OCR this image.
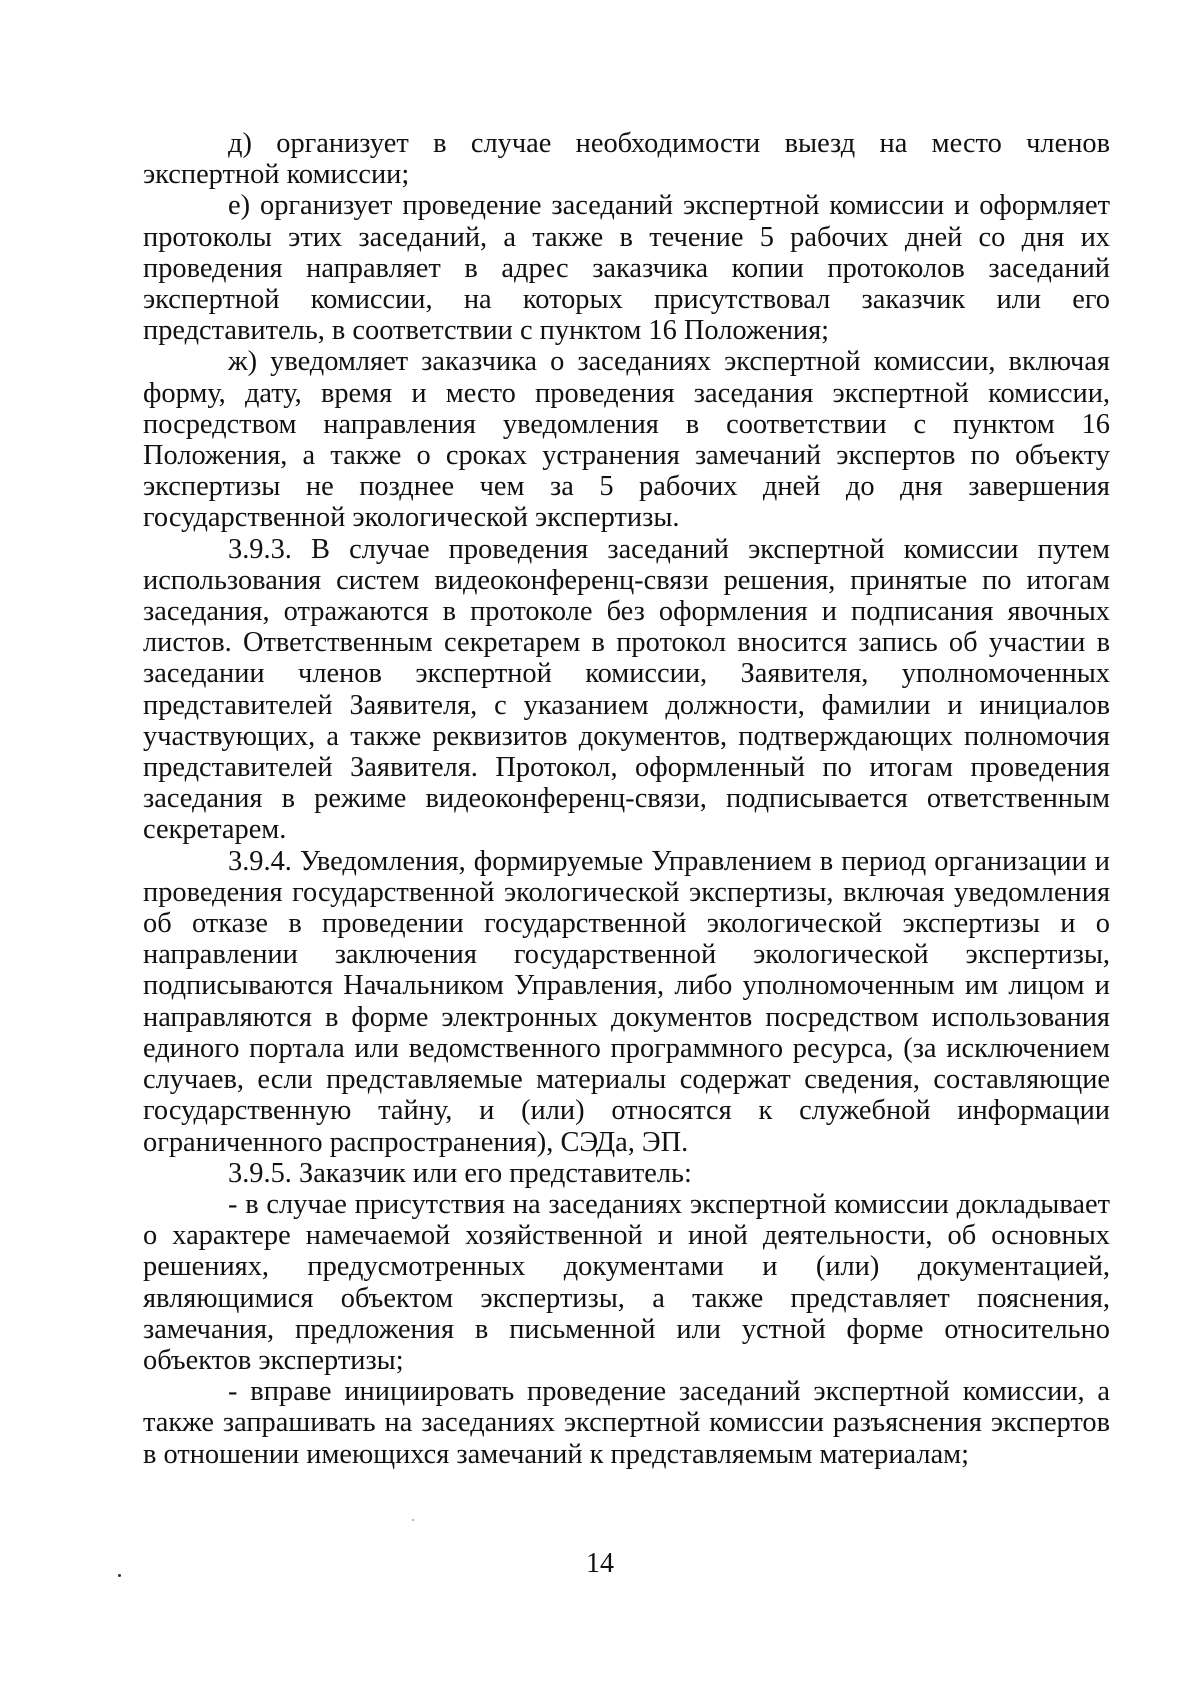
д) организует в случае необходимости выезд на место членов экспертной комиссии;

е) организует проведение заседаний экспертной комиссии и оформляет протоколы этих заседаний, а также в течение 5 рабочих дней со дня их проведения направляет в адрес заказчика копии протоколов заседаний экспертной комиссии, на которых присутствовал заказчик или его представитель, в соответствии с пунктом 16 Положения;

ж) уведомляет заказчика о заседаниях экспертной комиссии, включая форму, дату, время и место проведения заседания экспертной комиссии, посредством направления уведомления в соответствии с пунктом 16 Положения, а также о сроках устранения замечаний экспертов по объекту экспертизы не позднее чем за 5 рабочих дней до дня завершения государственной экологической экспертизы.

3.9.3. В случае проведения заседаний экспертной комиссии путем использования систем видеоконференц-связи решения, принятые по итогам заседания, отражаются в протоколе без оформления и подписания явочных листов. Ответственным секретарем в протокол вносится запись об участии в заседании членов экспертной комиссии, Заявителя, уполномоченных представителей Заявителя, с указанием должности, фамилии и инициалов участвующих, а также реквизитов документов, подтверждающих полномочия представителей Заявителя. Протокол, оформленный по итогам проведения заседания в режиме видеоконференц-связи, подписывается ответственным секретарем.

3.9.4. Уведомления, формируемые Управлением в период организации и проведения государственной экологической экспертизы, включая уведомления об отказе в проведении государственной экологической экспертизы и о направлении заключения государственной экологической экспертизы, подписываются Начальником Управления, либо уполномоченным им лицом и направляются в форме электронных документов посредством использования единого портала или ведомственного программного ресурса, (за исключением случаев, если представляемые материалы содержат сведения, составляющие государственную тайну, и (или) относятся к служебной информации ограниченного распространения), СЭДа, ЭП.

3.9.5. Заказчик или его представитель:

- в случае присутствия на заседаниях экспертной комиссии докладывает о характере намечаемой хозяйственной и иной деятельности, об основных решениях, предусмотренных документами и (или) документацией, являющимися объектом экспертизы, а также представляет пояснения, замечания, предложения в письменной или устной форме относительно объектов экспертизы;

- вправе инициировать проведение заседаний экспертной комиссии, а также запрашивать на заседаниях экспертной комиссии разъяснения экспертов в отношении имеющихся замечаний к представляемым материалам;

14
